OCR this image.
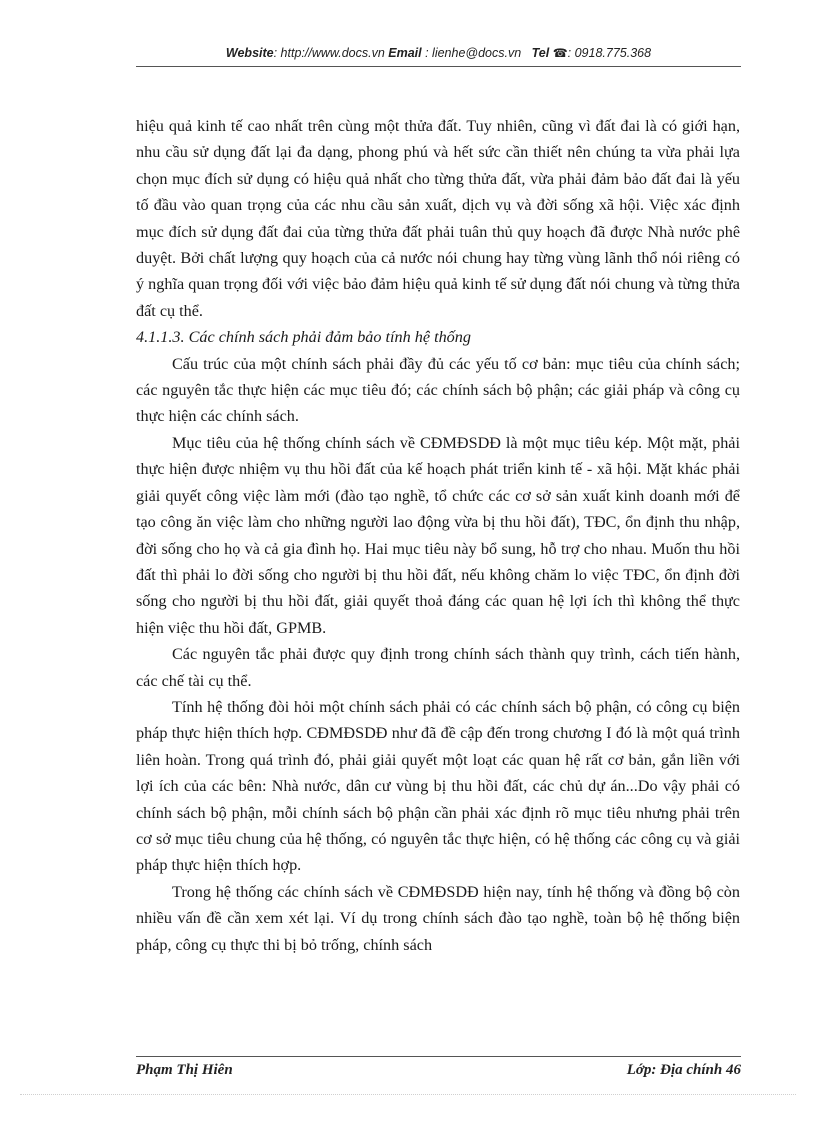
Website: http://www.docs.vn Email : lienhe@docs.vn Tel ☎: 0918.775.368

hiệu quả kinh tế cao nhất trên cùng một thửa đất. Tuy nhiên, cũng vì đất đai là có giới hạn, nhu cầu sử dụng đất lại đa dạng, phong phú và hết sức cần thiết nên chúng ta vừa phải lựa chọn mục đích sử dụng có hiệu quả nhất cho từng thửa đất, vừa phải đảm bảo đất đai là yếu tố đầu vào quan trọng của các nhu cầu sản xuất, dịch vụ và đời sống xã hội. Việc xác định mục đích sử dụng đất đai của từng thửa đất phải tuân thủ quy hoạch đã được Nhà nước phê duyệt. Bởi chất lượng quy hoạch của cả nước nói chung hay từng vùng lãnh thổ nói riêng có ý nghĩa quan trọng đối với việc bảo đảm hiệu quả kinh tế sử dụng đất nói chung và từng thửa đất cụ thể.

4.1.1.3. Các chính sách phải đảm bảo tính hệ thống

Cấu trúc của một chính sách phải đầy đủ các yếu tố cơ bản: mục tiêu của chính sách; các nguyên tắc thực hiện các mục tiêu đó; các chính sách bộ phận; các giải pháp và công cụ thực hiện các chính sách.

Mục tiêu của hệ thống chính sách về CĐMĐSDĐ là một mục tiêu kép. Một mặt, phải thực hiện được nhiệm vụ thu hồi đất của kế hoạch phát triển kinh tế - xã hội. Mặt khác phải giải quyết công việc làm mới (đào tạo nghề, tổ chức các cơ sở sản xuất kinh doanh mới để tạo công ăn việc làm cho những người lao động vừa bị thu hồi đất), TĐC, ổn định thu nhập, đời sống cho họ và cả gia đình họ. Hai mục tiêu này bổ sung, hỗ trợ cho nhau. Muốn thu hồi đất thì phải lo đời sống cho người bị thu hồi đất, nếu không chăm lo việc TĐC, ổn định đời sống cho người bị thu hồi đất, giải quyết thoả đáng các quan hệ lợi ích thì không thể thực hiện việc thu hồi đất, GPMB.

Các nguyên tắc phải được quy định trong chính sách thành quy trình, cách tiến hành, các chế tài cụ thể.

Tính hệ thống đòi hỏi một chính sách phải có các chính sách bộ phận, có công cụ biện pháp thực hiện thích hợp. CĐMĐSDĐ như đã đề cập đến trong chương I đó là một quá trình liên hoàn. Trong quá trình đó, phải giải quyết một loạt các quan hệ rất cơ bản, gắn liền với lợi ích của các bên: Nhà nước, dân cư vùng bị thu hồi đất, các chủ dự án...Do vậy phải có chính sách bộ phận, mỗi chính sách bộ phận cần phải xác định rõ mục tiêu nhưng phải trên cơ sở mục tiêu chung của hệ thống, có nguyên tắc thực hiện, có hệ thống các công cụ và giải pháp thực hiện thích hợp.

Trong hệ thống các chính sách về CĐMĐSDĐ hiện nay, tính hệ thống và đồng bộ còn nhiều vấn đề cần xem xét lại. Ví dụ trong chính sách đào tạo nghề, toàn bộ hệ thống biện pháp, công cụ thực thi bị bỏ trống, chính sách

Phạm Thị Hiên	Lớp: Địa chính 46
